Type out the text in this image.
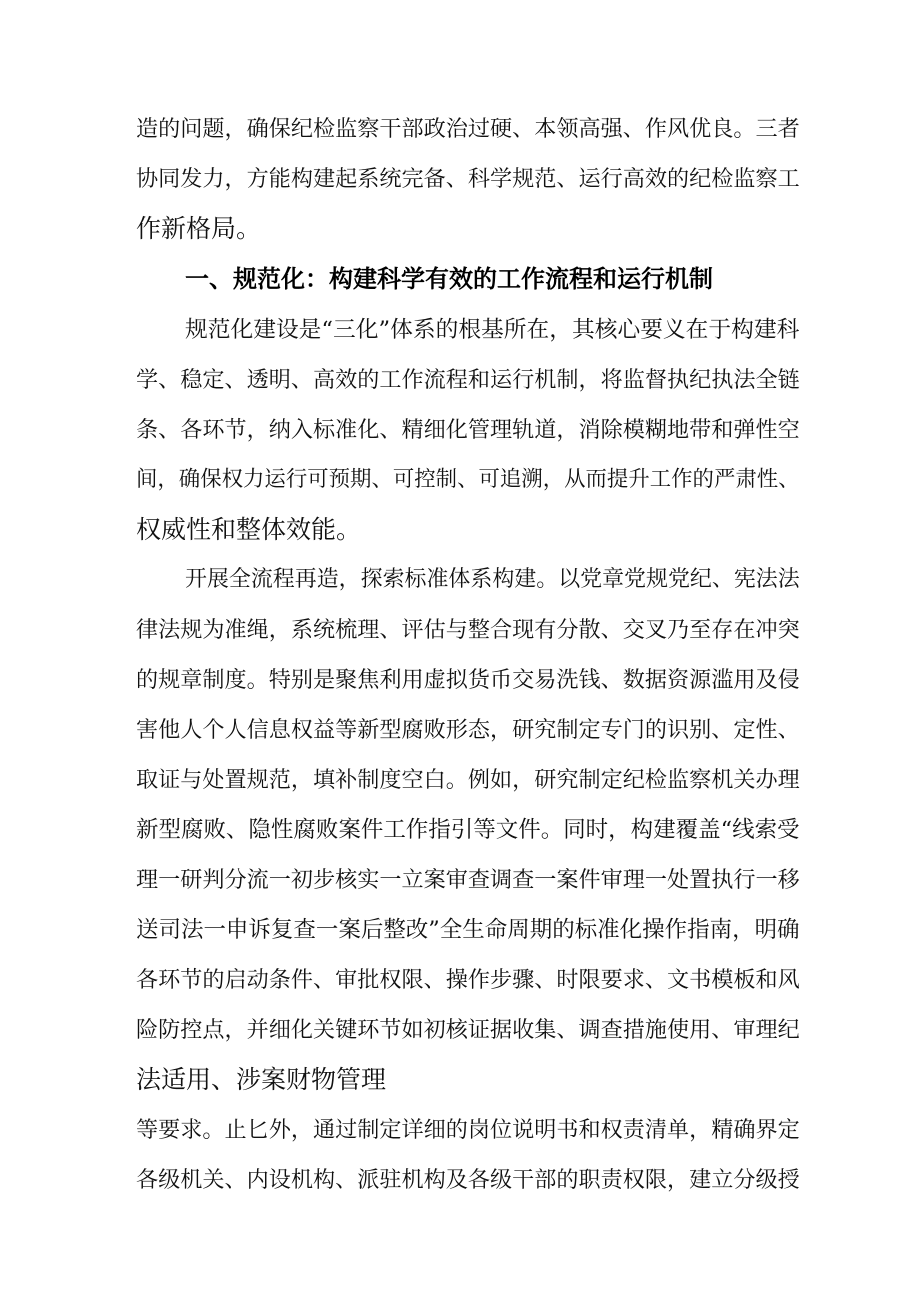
造的问题，确保纪检监察干部政治过硬、本领高强、作风优良。三者
协同发力，方能构建起系统完备、科学规范、运行高效的纪检监察工
作新格局。
一、规范化：构建科学有效的工作流程和运行机制
规范化建设是“三化”体系的根基所在，其核心要义在于构建科
学、稳定、透明、高效的工作流程和运行机制，将监督执纪执法全链
条、各环节，纳入标准化、精细化管理轨道，消除模糊地带和弹性空
间，确保权力运行可预期、可控制、可追溯，从而提升工作的严肃性、
权威性和整体效能。
开展全流程再造，探索标准体系构建。以党章党规党纪、宪法法
律法规为准绳，系统梳理、评估与整合现有分散、交叉乃至存在冲突
的规章制度。特别是聚焦利用虚拟货币交易洗钱、数据资源滥用及侵
害他人个人信息权益等新型腐败形态，研究制定专门的识别、定性、
取证与处置规范，填补制度空白。例如，研究制定纪检监察机关办理
新型腐败、隐性腐败案件工作指引等文件。同时，构建覆盖“线索受
理一研判分流一初步核实一立案审查调查一案件审理一处置执行一移
送司法一申诉复查一案后整改”全生命周期的标准化操作指南，明确
各环节的启动条件、审批权限、操作步骤、时限要求、文书模板和风
险防控点，并细化关键环节如初核证据收集、调查措施使用、审理纪
法适用、涉案财物管理
等要求。止匕外，通过制定详细的岗位说明书和权责清单，精确界定
各级机关、内设机构、派驻机构及各级干部的职责权限，建立分级授
